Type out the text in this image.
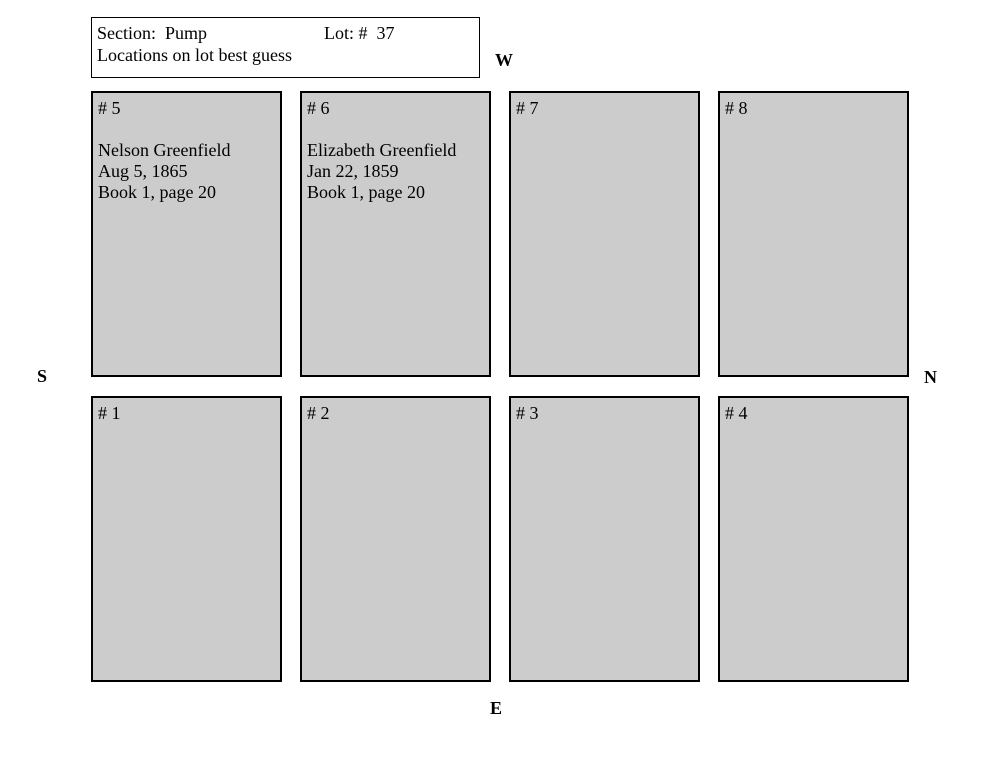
Section:  Pump

	Lot: #  37

Locations on lot best guess	W
S	N
E
# 5
Nelson Greenfield
Aug 5, 1865
Book 1, page 20
# 6
Elizabeth Greenfield
Jan 22, 1859
Book 1, page 20
# 7	# 8
# 1	# 2	# 3	# 4
